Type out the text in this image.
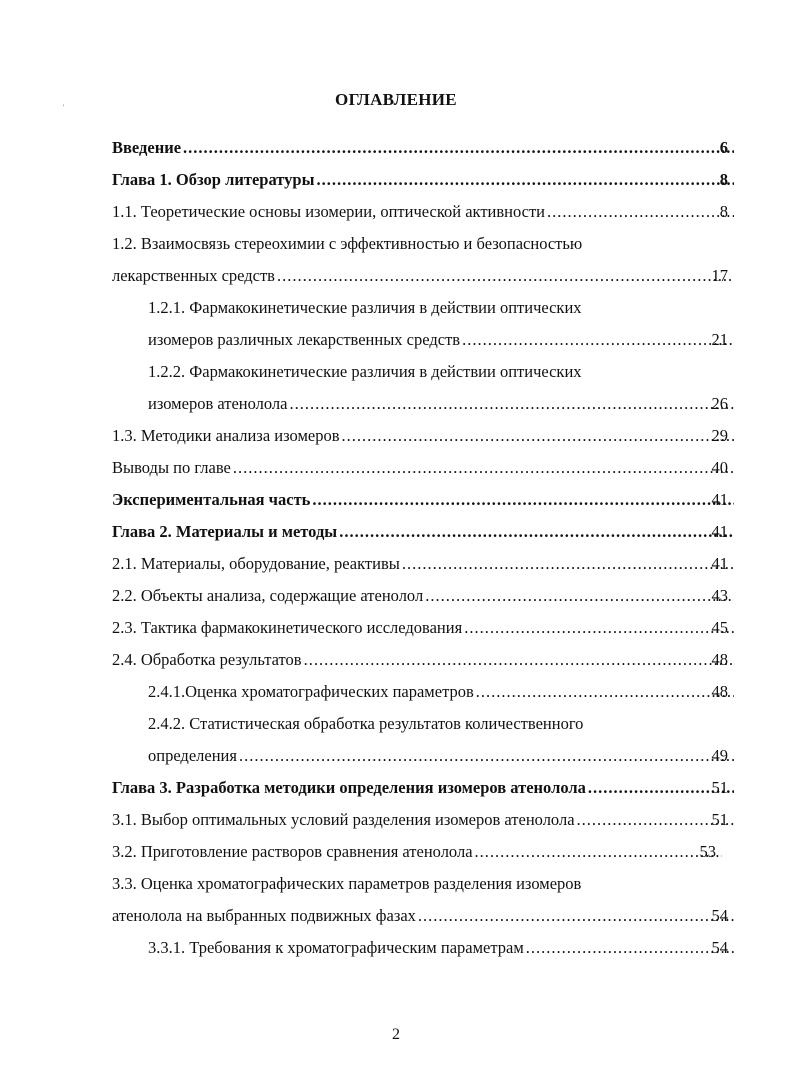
'	ОГЛАВЛЕНИЕ
Введение .....	6
Глава 1. Обзор литературы .....	8
1.1. Теоретические основы изомерии, оптической активности .....	8
1.2. Взаимосвязь стереохимии с эффективностью и безопасностью
лекарственных средств .....	17
1.2.1. Фармакокинетические различия в действии оптических
изомеров различных лекарственных средств .....	21
1.2.2. Фармакокинетические различия в действии оптических
изомеров атенолола .....	26
1.3. Методики анализа изомеров .....	29
Выводы по главе .....	40
Экспериментальная часть .....	41
Глава 2. Материалы и методы .....	41
2.1. Материалы, оборудование, реактивы .....	41
2.2. Объекты анализа, содержащие атенолол .....	43
2.3. Тактика фармакокинетического исследования .....	45
2.4. Обработка результатов .....	48
2.4.1.Оценка хроматографических параметров .....	48
2.4.2. Статистическая обработка результатов количественного
определения .....	49
Глава 3. Разработка методики определения изомеров атенолола .....	51
3.1. Выбор оптимальных условий разделения изомеров атенолола .....	51
3.2. Приготовление растворов сравнения атенолола .....	53
3.3. Оценка хроматографических параметров разделения изомеров
атенолола на выбранных подвижных фазах .....	54
3.3.1. Требования к хроматографическим параметрам .....	54
2
